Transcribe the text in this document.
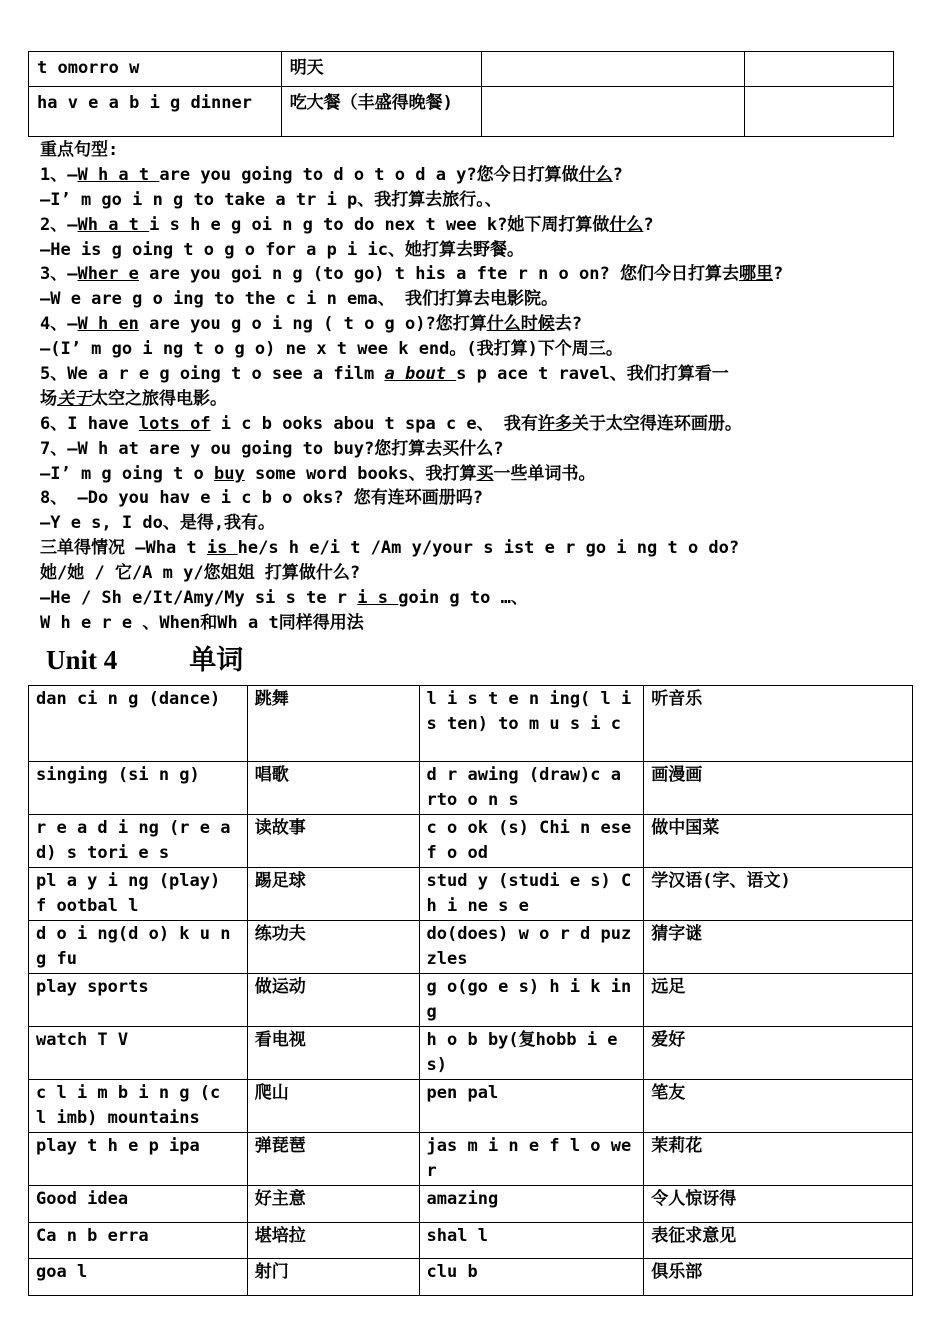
t omorro w	明天		
ha v e a b i g dinner	吃大餐（丰盛得晚餐)		
重点句型:
1、—W h a t are you going to d o t o d a y?您今日打算做什么?
—I’ m go i n g to take a tr i p、我打算去旅行。、
2、—Wh a t i s h e g oi n g to do nex t wee k?她下周打算做什么?
—He is g oing t o g o for a p i ic、她打算去野餐。
3、—Wher e are you goi n g (to go) t his a fte r n o on? 您们今日打算去哪里?
—W e are g o ing to the c i n ema、 我们打算去电影院。
4、—W h en are you g o i ng ( t o g o)?您打算什么时候去?
—(I’ m go i ng t o g o) ne x t wee k end。(我打算)下个周三。
5、We a r e g oing t o see a film a bout s p ace t ravel、我们打算看一
场关于太空之旅得电影。
6、I have lots of i c b ooks abou t spa c e、 我有许多关于太空得连环画册。
7、—W h at are y ou going to buy?您打算去买什么?
—I’ m g oing t o buy some word books、我打算买一些单词书。
8、 —Do you hav e i c b o oks? 您有连环画册吗?
—Y e s, I do、是得,我有。
三单得情况 —Wha t is he/s h e/i t /Am y/your s ist e r go i ng t o do?
她/她 / 它/A m y/您姐姐 打算做什么?
—He / Sh e/It/Amy/My si s te r i s goin g to …、
W h e r e 、When和Wh a t同样得用法
Unit 4	单词
dan ci n g (dance)	跳舞	l i s t e n ing( l i s ten) to m u s i c	听音乐
singing (si n g)	唱歌	d r awing (draw)c a rto o n s	画漫画
r e a d i ng (r e ad) s tori e s	读故事	c o ok (s) Chi n ese f o od	做中国菜
pl a y i ng (play) f ootbal l	踢足球	stud y (studi e s) Ch i ne s e	学汉语(字、语文)
d o i ng(d o) k u ng fu	练功夫	do(does) w o r d puzzles	猜字谜
play sports	做运动	g o(go e s) h i k in g	远足
watch T V	看电视	h o b by(复hobb i e s)	爱好
c l i m b i n g (c l imb) mountains	爬山	pen pal	笔友
play t h e p ipa	弹琵琶	jas m i n e f l o wer	茉莉花
Good idea	好主意	amazing	令人惊讶得
Ca n b erra	堪培拉	shal l	表征求意见
goa l	射门	clu b	俱乐部
